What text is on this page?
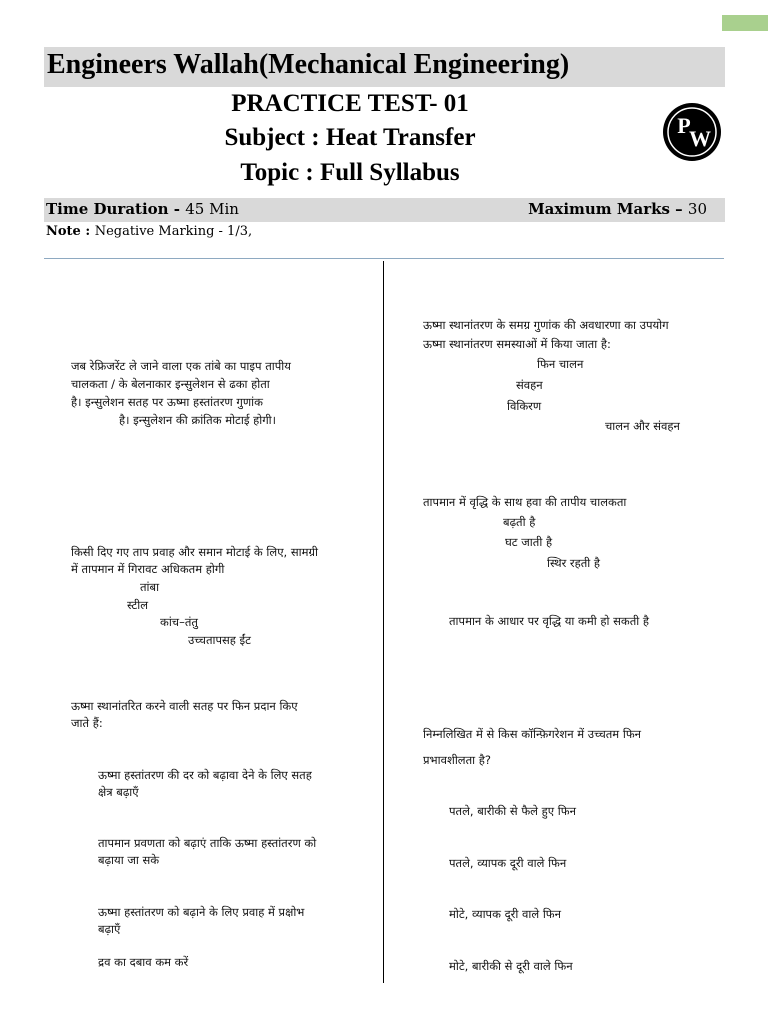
Engineers Wallah(Mechanical Engineering)
PRACTICE TEST- 01
Subject : Heat Transfer
Topic : Full Syllabus
P
W
Time Duration - 45 Min	Maximum Marks – 30
Note : Negative Marking - 1/3,
जब रेफ्रिजरेंट ले जाने वाला एक तांबे का पाइप तापीय
चालकता / के बेलनाकार इन्सुलेशन से ढका होता
है। इन्सुलेशन सतह पर ऊष्मा हस्तांतरण गुणांक
है। इन्सुलेशन की क्रांतिक मोटाई होगी।
किसी दिए गए ताप प्रवाह और समान मोटाई के लिए, सामग्री
में तापमान में गिरावट अधिकतम होगी
तांबा
स्टील
कांच–तंतु
उच्चतापसह ईंट
ऊष्मा स्थानांतरित करने वाली सतह पर फिन प्रदान किए
जाते हैं:
ऊष्मा हस्तांतरण की दर को बढ़ावा देने के लिए सतह
क्षेत्र बढ़ाएँ
तापमान प्रवणता को बढ़ाएं ताकि ऊष्मा हस्तांतरण को
बढ़ाया जा सके
ऊष्मा हस्तांतरण को बढ़ाने के लिए प्रवाह में प्रक्षोभ
बढ़ाएँ
द्रव का दबाव कम करें
ऊष्मा स्थानांतरण के समग्र गुणांक की अवधारणा का उपयोग
ऊष्मा स्थानांतरण समस्याओं में किया जाता है:
फिन चालन
संवहन
विकिरण
चालन और संवहन
तापमान में वृद्धि के साथ हवा की तापीय चालकता
बढ़ती है
घट जाती है
स्थिर रहती है
तापमान के आधार पर वृद्धि या कमी हो सकती है
निम्नलिखित में से किस कॉन्फ़िगरेशन में उच्चतम फिन
प्रभावशीलता है?
पतले, बारीकी से फैले हुए फिन
पतले, व्यापक दूरी वाले फिन
मोटे, व्यापक दूरी वाले फिन
मोटे, बारीकी से दूरी वाले फिन
